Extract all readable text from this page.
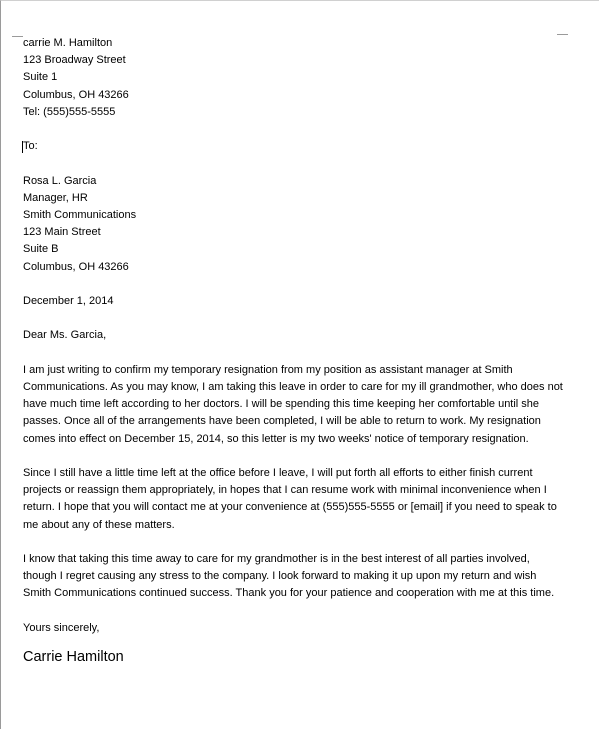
carrie M. Hamilton
123 Broadway Street
Suite 1
Columbus, OH 43266
Tel: (555)555-5555
To:
Rosa L. Garcia
Manager, HR
Smith Communications
123 Main Street
Suite B
Columbus, OH 43266
December 1, 2014
Dear Ms. Garcia,
I am just writing to confirm my temporary resignation from my position as assistant manager at Smith Communications. As you may know, I am taking this leave in order to care for my ill grandmother, who does not have much time left according to her doctors. I will be spending this time keeping her comfortable until she passes. Once all of the arrangements have been completed, I will be able to return to work. My resignation comes into effect on December 15, 2014, so this letter is my two weeks' notice of temporary resignation.
Since I still have a little time left at the office before I leave, I will put forth all efforts to either finish current projects or reassign them appropriately, in hopes that I can resume work with minimal inconvenience when I return. I hope that you will contact me at your convenience at (555)555-5555 or [email] if you need to speak to me about any of these matters.
I know that taking this time away to care for my grandmother is in the best interest of all parties involved, though I regret causing any stress to the company. I look forward to making it up upon my return and wish Smith Communications continued success. Thank you for your patience and cooperation with me at this time.
Yours sincerely,
Carrie Hamilton
